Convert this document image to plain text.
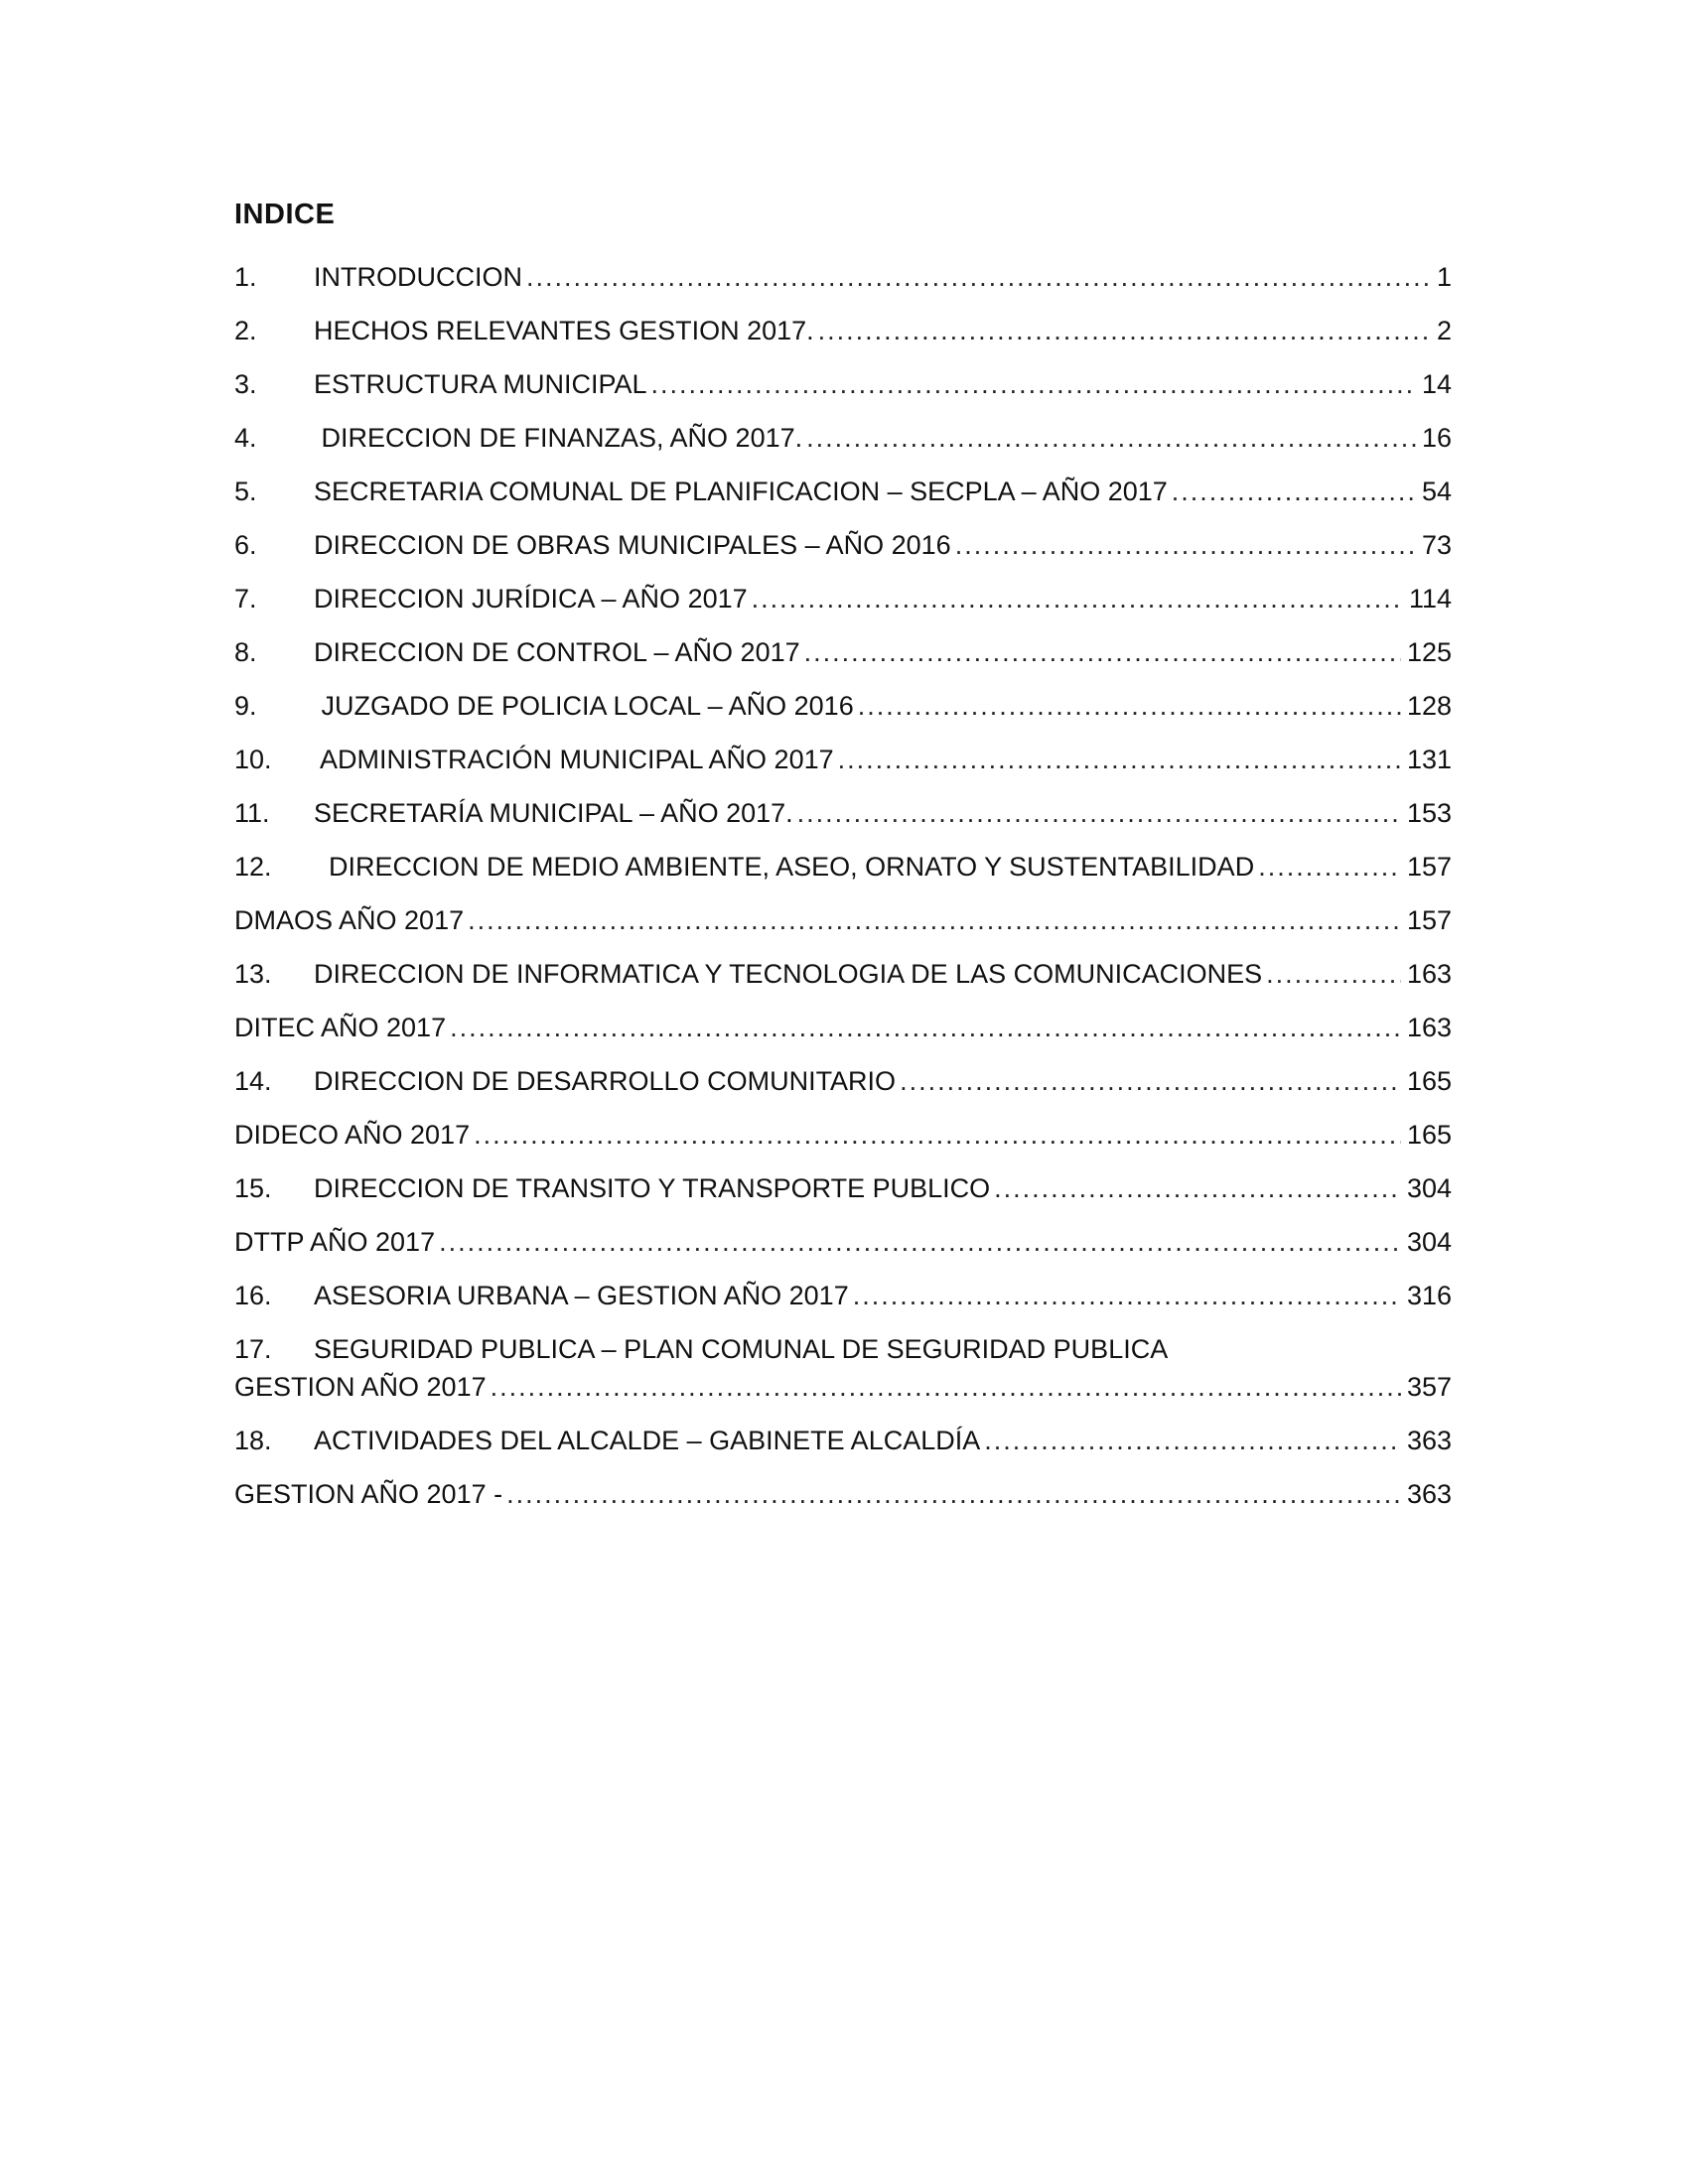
INDICE
1.	INTRODUCCION .....	1
2.	HECHOS RELEVANTES GESTION 2017. .....	2
3.	ESTRUCTURA MUNICIPAL .....	14
4.	DIRECCION DE FINANZAS, AÑO 2017. .....	16
5.	SECRETARIA COMUNAL DE PLANIFICACION – SECPLA – AÑO 2017 .....	54
6.	DIRECCION DE OBRAS MUNICIPALES – AÑO 2016 .....	73
7.	DIRECCION JURÍDICA – AÑO 2017 .....	114
8.	DIRECCION DE CONTROL – AÑO 2017 .....	125
9.	JUZGADO DE POLICIA LOCAL – AÑO 2016 .....	128
10.	ADMINISTRACIÓN MUNICIPAL AÑO 2017 .....	131
11.	SECRETARÍA MUNICIPAL – AÑO 2017. .....	153
12.	DIRECCION DE MEDIO AMBIENTE, ASEO, ORNATO Y SUSTENTABILIDAD .....	157
DMAOS AÑO 2017 .....	157
13.	DIRECCION DE INFORMATICA Y TECNOLOGIA DE LAS COMUNICACIONES .....	163
DITEC AÑO 2017 .....	163
14.	DIRECCION DE DESARROLLO COMUNITARIO .....	165
DIDECO AÑO 2017 .....	165
15.	DIRECCION DE TRANSITO Y TRANSPORTE PUBLICO .....	304
DTTP AÑO 2017 .....	304
16.	ASESORIA URBANA – GESTION AÑO 2017 .....	316
17.	SEGURIDAD PUBLICA – PLAN COMUNAL DE SEGURIDAD PUBLICA
GESTION AÑO 2017 .....	357
18.	ACTIVIDADES DEL ALCALDE – GABINETE ALCALDÍA .....	363
GESTION AÑO 2017 - .....	363
